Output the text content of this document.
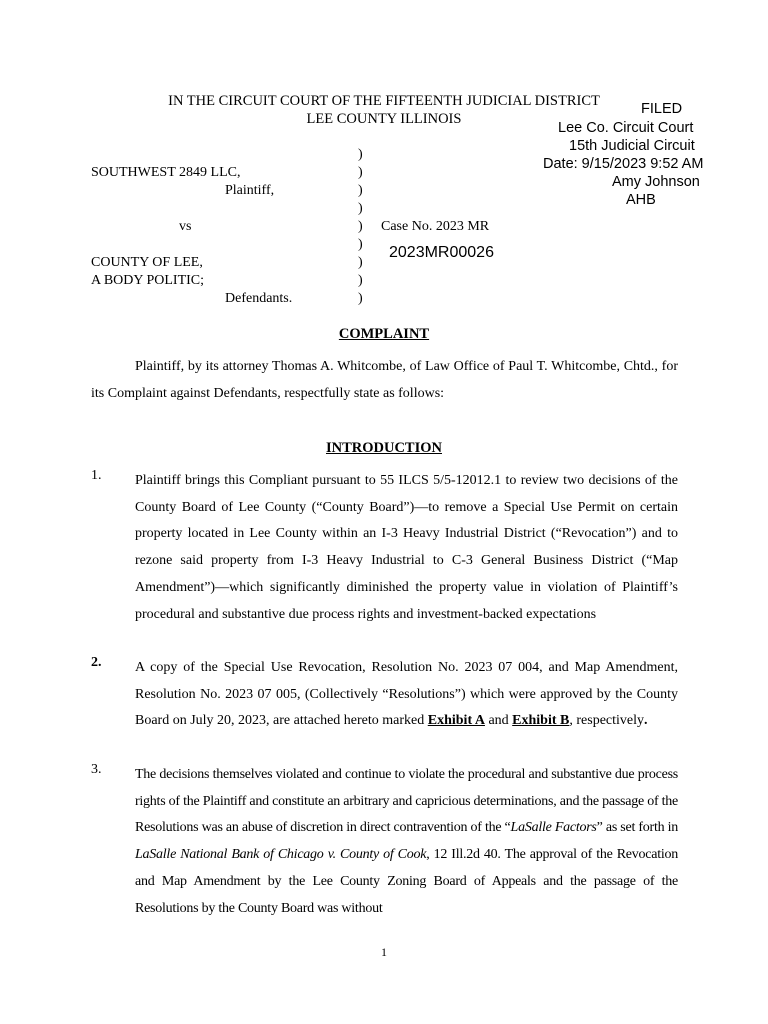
IN THE CIRCUIT COURT OF THE FIFTEENTH JUDICIAL DISTRICT
LEE COUNTY ILLINOIS
FILED
Lee Co. Circuit Court
15th Judicial Circuit
Date: 9/15/2023 9:52 AM
Amy Johnson
AHB
SOUTHWEST 2849 LLC,
Plaintiff,
vs
COUNTY OF LEE,
A BODY POLITIC;
Defendants.
)
)
)
)
)
)
)
)
)
Case No. 2023 MR
2023MR00026
COMPLAINT
Plaintiff, by its attorney Thomas A. Whitcombe, of Law Office of Paul T. Whitcombe, Chtd., for its Complaint against Defendants, respectfully state as follows:
INTRODUCTION
1. Plaintiff brings this Compliant pursuant to 55 ILCS 5/5-12012.1 to review two decisions of the County Board of Lee County (“County Board”)—to remove a Special Use Permit on certain property located in Lee County within an I-3 Heavy Industrial District (“Revocation”) and to rezone said property from I-3 Heavy Industrial to C-3 General Business District (“Map Amendment”)—which significantly diminished the property value in violation of Plaintiff’s procedural and substantive due process rights and investment-backed expectations
2. A copy of the Special Use Revocation, Resolution No. 2023 07 004, and Map Amendment, Resolution No. 2023 07 005, (Collectively “Resolutions”) which were approved by the County Board on July 20, 2023, are attached hereto marked Exhibit A and Exhibit B, respectively.
3. The decisions themselves violated and continue to violate the procedural and substantive due process rights of the Plaintiff and constitute an arbitrary and capricious determinations, and the passage of the Resolutions was an abuse of discretion in direct contravention of the “LaSalle Factors” as set forth in LaSalle National Bank of Chicago v. County of Cook, 12 Ill.2d 40. The approval of the Revocation and Map Amendment by the Lee County Zoning Board of Appeals and the passage of the Resolutions by the County Board was without
1
